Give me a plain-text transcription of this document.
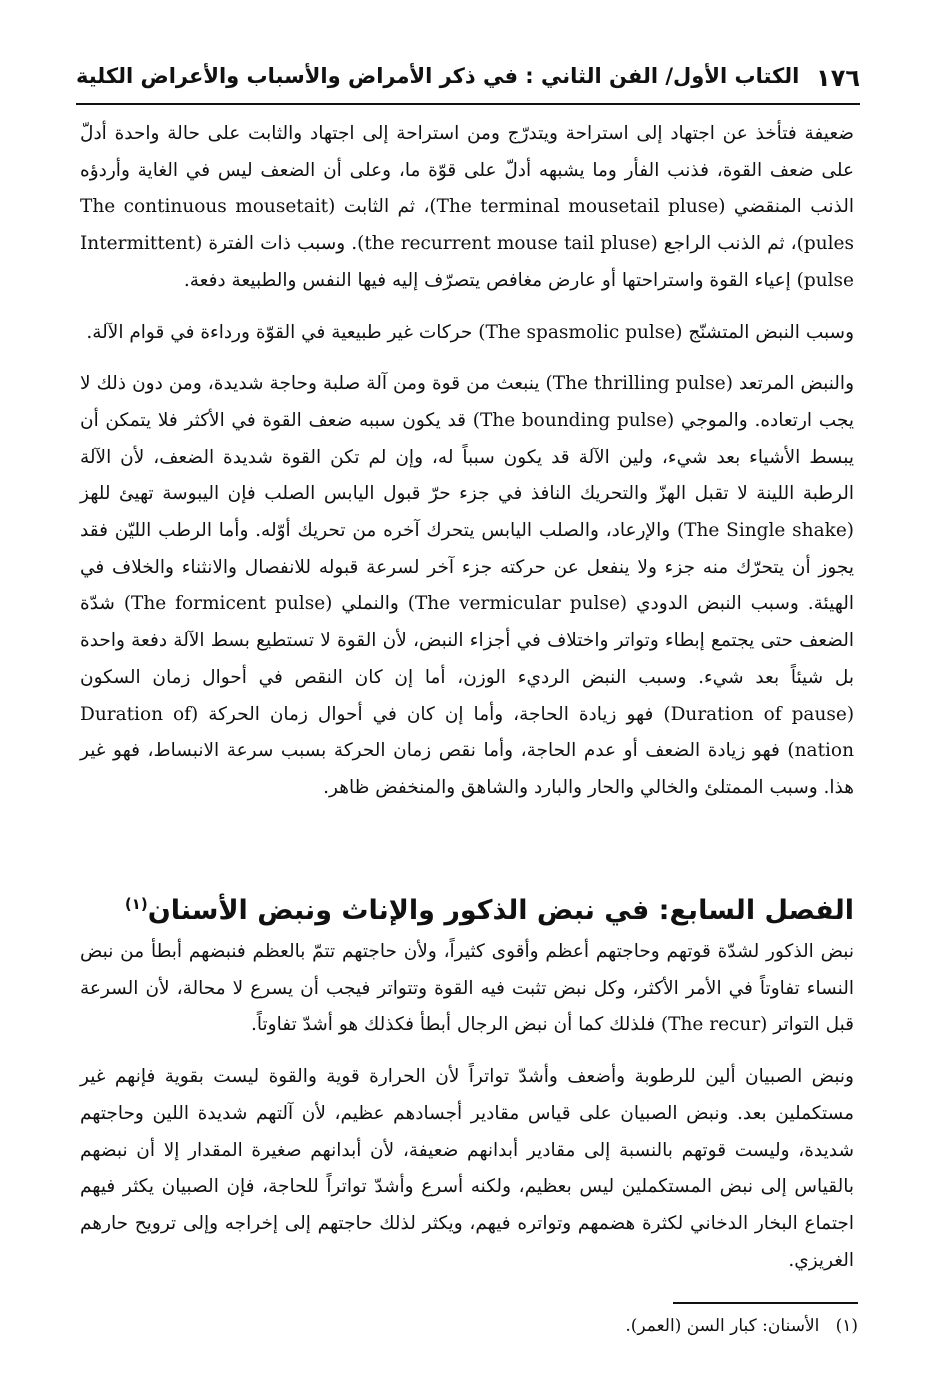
١٧٦
الكتاب الأول/ الفن الثاني : في ذكر الأمراض والأسباب والأعراض الكلية

ضعيفة فتأخذ عن اجتهاد إلى استراحة ويتدرّج ومن استراحة إلى اجتهاد والثابت على حالة واحدة أدلّ على ضعف القوة، فذنب الفأر وما يشبهه أدلّ على قوّة ما، وعلى أن الضعف ليس في الغاية وأردؤه الذنب المنقضي (The terminal mousetail pluse)، ثم الثابت (The continuous mousetait pules)، ثم الذنب الراجع (the recurrent mouse tail pluse). وسبب ذات الفترة (Intermittent pulse) إعياء القوة واستراحتها أو عارض مغافص يتصرّف إليه فيها النفس والطبيعة دفعة.

وسبب النبض المتشنّج (The spasmolic pulse) حركات غير طبيعية في القوّة ورداءة في قوام الآلة.

والنبض المرتعد (The thrilling pulse) ينبعث من قوة ومن آلة صلبة وحاجة شديدة، ومن دون ذلك لا يجب ارتعاده. والموجي (The bounding pulse) قد يكون سببه ضعف القوة في الأكثر فلا يتمكن أن يبسط الأشياء بعد شيء، ولين الآلة قد يكون سبباً له، وإن لم تكن القوة شديدة الضعف، لأن الآلة الرطبة اللينة لا تقبل الهزّ والتحريك النافذ في جزء حرّ قبول اليابس الصلب فإن اليبوسة تهيئ للهز (The Single shake) والإرعاد، والصلب اليابس يتحرك آخره من تحريك أوّله. وأما الرطب الليّن فقد يجوز أن يتحرّك منه جزء ولا ينفعل عن حركته جزء آخر لسرعة قبوله للانفصال والانثناء والخلاف في الهيئة. وسبب النبض الدودي (The vermicular pulse) والنملي (The formicent pulse) شدّة الضعف حتى يجتمع إبطاء وتواتر واختلاف في أجزاء النبض، لأن القوة لا تستطيع بسط الآلة دفعة واحدة بل شيئاً بعد شيء. وسبب النبض الرديء الوزن، أما إن كان النقص في أحوال زمان السكون (Duration of pause) فهو زيادة الحاجة، وأما إن كان في أحوال زمان الحركة (Duration of nation) فهو زيادة الضعف أو عدم الحاجة، وأما نقص زمان الحركة بسبب سرعة الانبساط، فهو غير هذا. وسبب الممتلئ والخالي والحار والبارد والشاهق والمنخفض ظاهر.

الفصل السابع: في نبض الذكور والإناث ونبض الأسنان$^{(١)}$

نبض الذكور لشدّة قوتهم وحاجتهم أعظم وأقوى كثيراً، ولأن حاجتهم تتمّ بالعظم فنبضهم أبطأ من نبض النساء تفاوتاً في الأمر الأكثر، وكل نبض تثبت فيه القوة وتتواتر فيجب أن يسرع لا محالة، لأن السرعة قبل التواتر (The recur) فلذلك كما أن نبض الرجال أبطأ فكذلك هو أشدّ تفاوتاً.

ونبض الصبيان ألين للرطوبة وأضعف وأشدّ تواتراً لأن الحرارة قوية والقوة ليست بقوية فإنهم غير مستكملين بعد. ونبض الصبيان على قياس مقادير أجسادهم عظيم، لأن آلتهم شديدة اللين وحاجتهم شديدة، وليست قوتهم بالنسبة إلى مقادير أبدانهم ضعيفة، لأن أبدانهم صغيرة المقدار إلا أن نبضهم بالقياس إلى نبض المستكملين ليس بعظيم، ولكنه أسرع وأشدّ تواتراً للحاجة، فإن الصبيان يكثر فيهم اجتماع البخار الدخاني لكثرة هضمهم وتواتره فيهم، ويكثر لذلك حاجتهم إلى إخراجه وإلى ترويح حارهم الغريزي.

(١)   الأسنان: كبار السن (العمر).
